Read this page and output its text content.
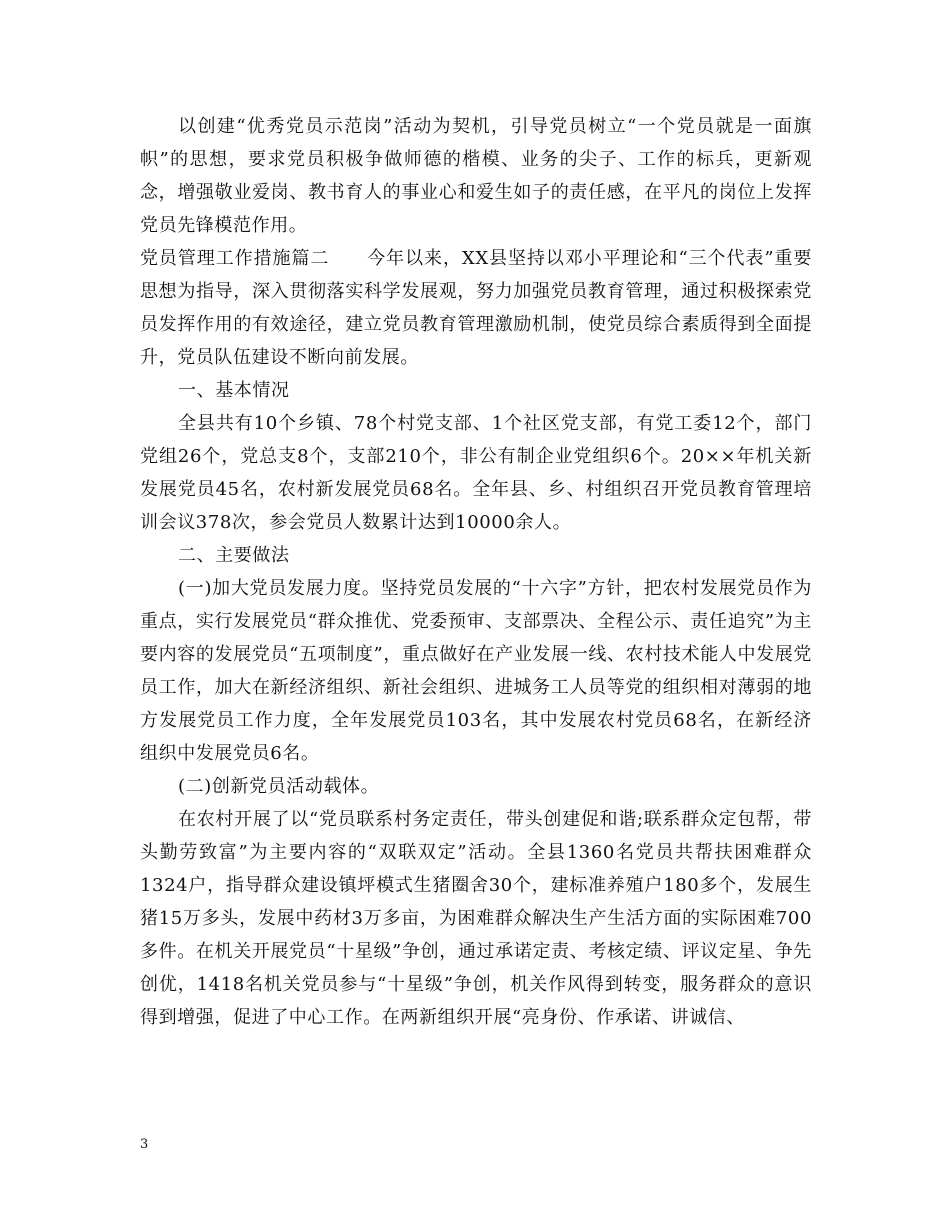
以创建“优秀党员示范岗”活动为契机，引导党员树立“一个党员就是一面旗帜”的思想，要求党员积极争做师德的楷模、业务的尖子、工作的标兵，更新观念，增强敬业爱岗、教书育人的事业心和爱生如子的责任感，在平凡的岗位上发挥党员先锋模范作用。

党员管理工作措施篇二　　今年以来，XX县坚持以邓小平理论和“三个代表”重要思想为指导，深入贯彻落实科学发展观，努力加强党员教育管理，通过积极探索党员发挥作用的有效途径，建立党员教育管理激励机制，使党员综合素质得到全面提升，党员队伍建设不断向前发展。

一、基本情况

全县共有10个乡镇、78个村党支部、1个社区党支部，有党工委12个，部门党组26个，党总支8个，支部210个，非公有制企业党组织6个。20××年机关新发展党员45名，农村新发展党员68名。全年县、乡、村组织召开党员教育管理培训会议378次，参会党员人数累计达到10000余人。

二、主要做法

(一)加大党员发展力度。坚持党员发展的“十六字”方针，把农村发展党员作为重点，实行发展党员“群众推优、党委预审、支部票决、全程公示、责任追究”为主要内容的发展党员“五项制度”，重点做好在产业发展一线、农村技术能人中发展党员工作，加大在新经济组织、新社会组织、进城务工人员等党的组织相对薄弱的地方发展党员工作力度，全年发展党员103名，其中发展农村党员68名，在新经济组织中发展党员6名。

(二)创新党员活动载体。

在农村开展了以“党员联系村务定责任，带头创建促和谐;联系群众定包帮，带头勤劳致富”为主要内容的“双联双定”活动。全县1360名党员共帮扶困难群众1324户，指导群众建设镇坪模式生猪圈舍30个，建标准养殖户180多个，发展生猪15万多头，发展中药材3万多亩，为困难群众解决生产生活方面的实际困难700多件。在机关开展党员“十星级”争创，通过承诺定责、考核定绩、评议定星、争先创优，1418名机关党员参与“十星级”争创，机关作风得到转变，服务群众的意识得到增强，促进了中心工作。在两新组织开展“亮身份、作承诺、讲诚信、

3
